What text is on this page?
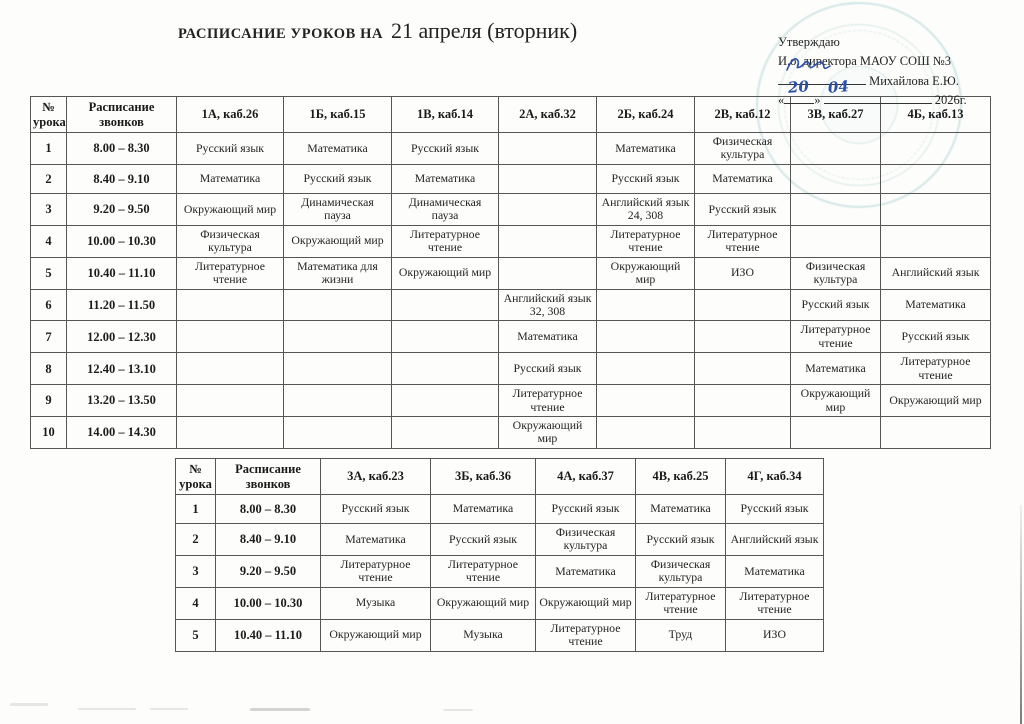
РАСПИСАНИЕ УРОКОВ НА 21 апреля (вторник)	Утверждаю
И.о. директора МАОУ СОШ №3
Михайлова Е.Ю.
«
20
»
04
2026г.
№ урока	Расписание звонков	1А, каб.26	1Б, каб.15	1В, каб.14	2А, каб.32	2Б, каб.24	2В, каб.12	3В, каб.27	4Б, каб.13
1	8.00 – 8.30	Русский язык	Математика	Русский язык		Математика	Физическая культура		
2	8.40 – 9.10	Математика	Русский язык	Математика		Русский язык	Математика		
3	9.20 – 9.50	Окружающий мир	Динамическая пауза	Динамическая пауза		Английский язык 24, 308	Русский язык		
4	10.00 – 10.30	Физическая культура	Окружающий мир	Литературное чтение		Литературное чтение	Литературное чтение		
5	10.40 – 11.10	Литературное чтение	Математика для жизни	Окружающий мир		Окружающий мир	ИЗО	Физическая культура	Английский язык
6	11.20 – 11.50				Английский язык 32, 308			Русский язык	Математика
7	12.00 – 12.30				Математика			Литературное чтение	Русский язык
8	12.40 – 13.10				Русский язык			Математика	Литературное чтение
9	13.20 – 13.50				Литературное чтение			Окружающий мир	Окружающий мир
10	14.00 – 14.30				Окружающий мир				
№ урока	Расписание звонков	3А, каб.23	3Б, каб.36	4А, каб.37	4В, каб.25	4Г, каб.34
1	8.00 – 8.30	Русский язык	Математика	Русский язык	Математика	Русский язык
2	8.40 – 9.10	Математика	Русский язык	Физическая культура	Русский язык	Английский язык
3	9.20 – 9.50	Литературное чтение	Литературное чтение	Математика	Физическая культура	Математика
4	10.00 – 10.30	Музыка	Окружающий мир	Окружающий мир	Литературное чтение	Литературное чтение
5	10.40 – 11.10	Окружающий мир	Музыка	Литературное чтение	Труд	ИЗО
